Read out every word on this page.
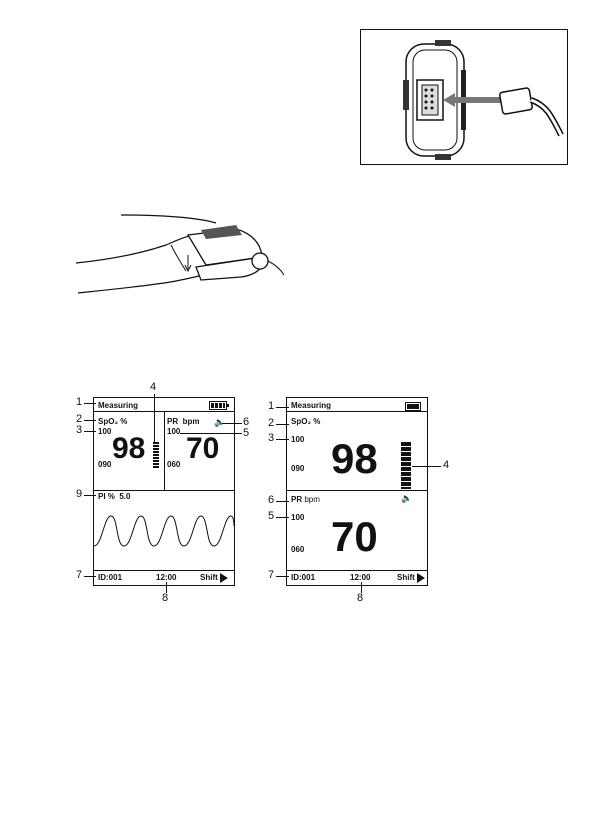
Measuring
SpO₂ %
100
98
090
PR bpm 🔈
100
70
060
PI % 5.0
ID:001	12:00	Shift
1
2
3
4
6
5
9
7
8
Measuring
SpO₂ %
100 98
090
PR bpm	🔈
100 70
060
ID:001	12:00	Shift
1
2
3
4
6
5
7
8
